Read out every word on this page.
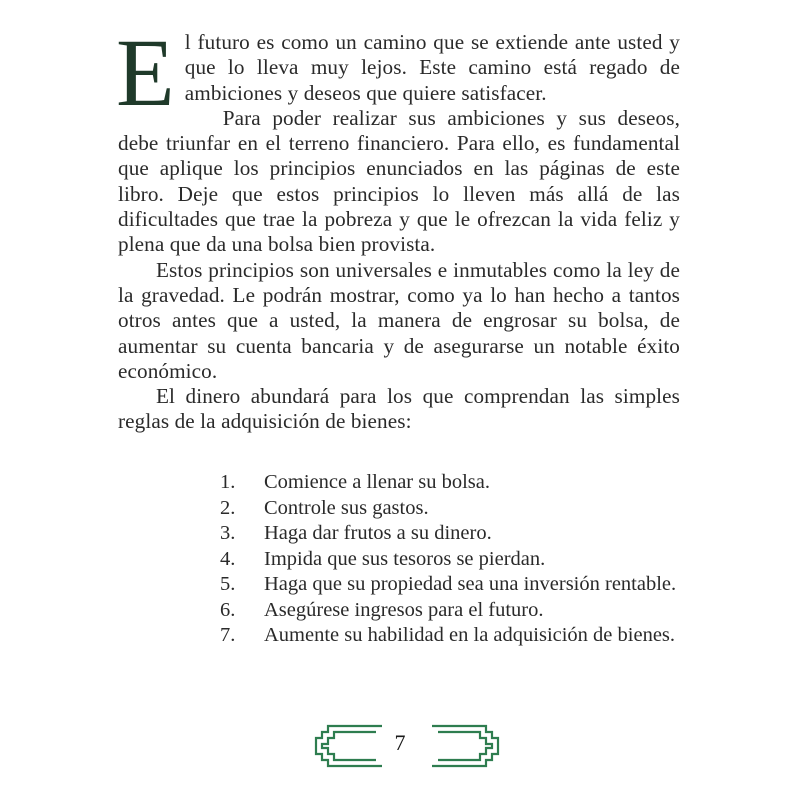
El futuro es como un camino que se extiende ante usted y que lo lleva muy lejos. Este camino está regado de ambiciones y deseos que quiere satisfacer.

Para poder realizar sus ambiciones y sus deseos, debe triunfar en el terreno financiero. Para ello, es fundamental que aplique los principios enunciados en las páginas de este libro. Deje que estos principios lo lleven más allá de las dificultades que trae la pobreza y que le ofrezcan la vida feliz y plena que da una bolsa bien provista.

Estos principios son universales e inmutables como la ley de la gravedad. Le podrán mostrar, como ya lo han hecho a tantos otros antes que a usted, la manera de engrosar su bolsa, de aumentar su cuenta bancaria y de asegurarse un notable éxito económico.

El dinero abundará para los que comprendan las simples reglas de la adquisición de bienes:

1.	Comience a llenar su bolsa.
2.	Controle sus gastos.
3.	Haga dar frutos a su dinero.
4.	Impida que sus tesoros se pierdan.
5.	Haga que su propiedad sea una inversión rentable.
6.	Asegúrese ingresos para el futuro.
7.	Aumente su habilidad en la adquisición de bienes.
7
